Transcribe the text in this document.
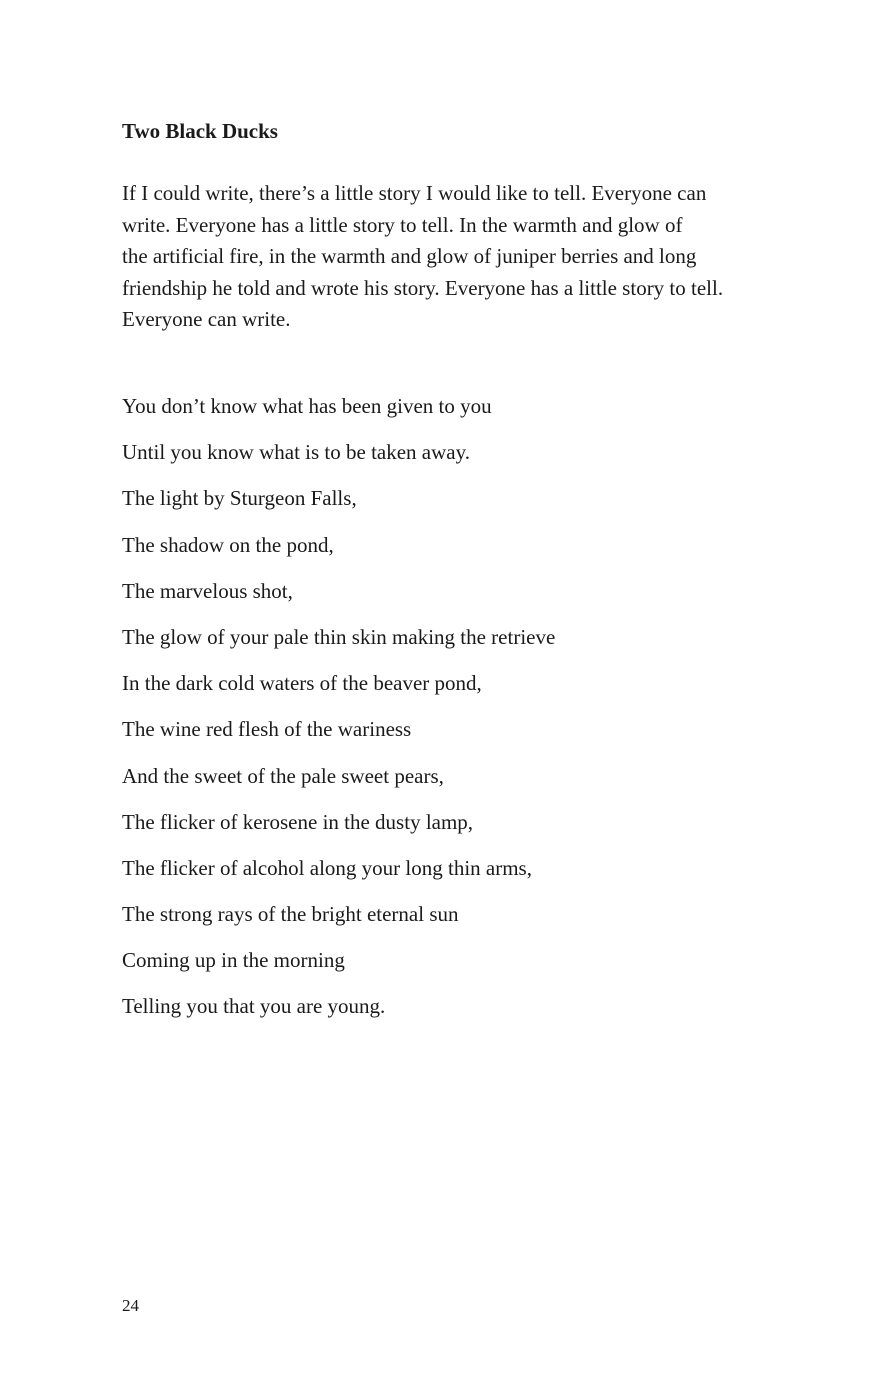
Two Black Ducks

If I could write, there’s a little story I would like to tell. Everyone can
write. Everyone has a little story to tell. In the warmth and glow of
the artificial fire, in the warmth and glow of juniper berries and long
friendship he told and wrote his story. Everyone has a little story to tell.
Everyone can write.

You don’t know what has been given to you
Until you know what is to be taken away.
The light by Sturgeon Falls,
The shadow on the pond,
The marvelous shot,
The glow of your pale thin skin making the retrieve
In the dark cold waters of the beaver pond,
The wine red flesh of the wariness
And the sweet of the pale sweet pears,
The flicker of kerosene in the dusty lamp,
The flicker of alcohol along your long thin arms,
The strong rays of the bright eternal sun
Coming up in the morning
Telling you that you are young.
24
